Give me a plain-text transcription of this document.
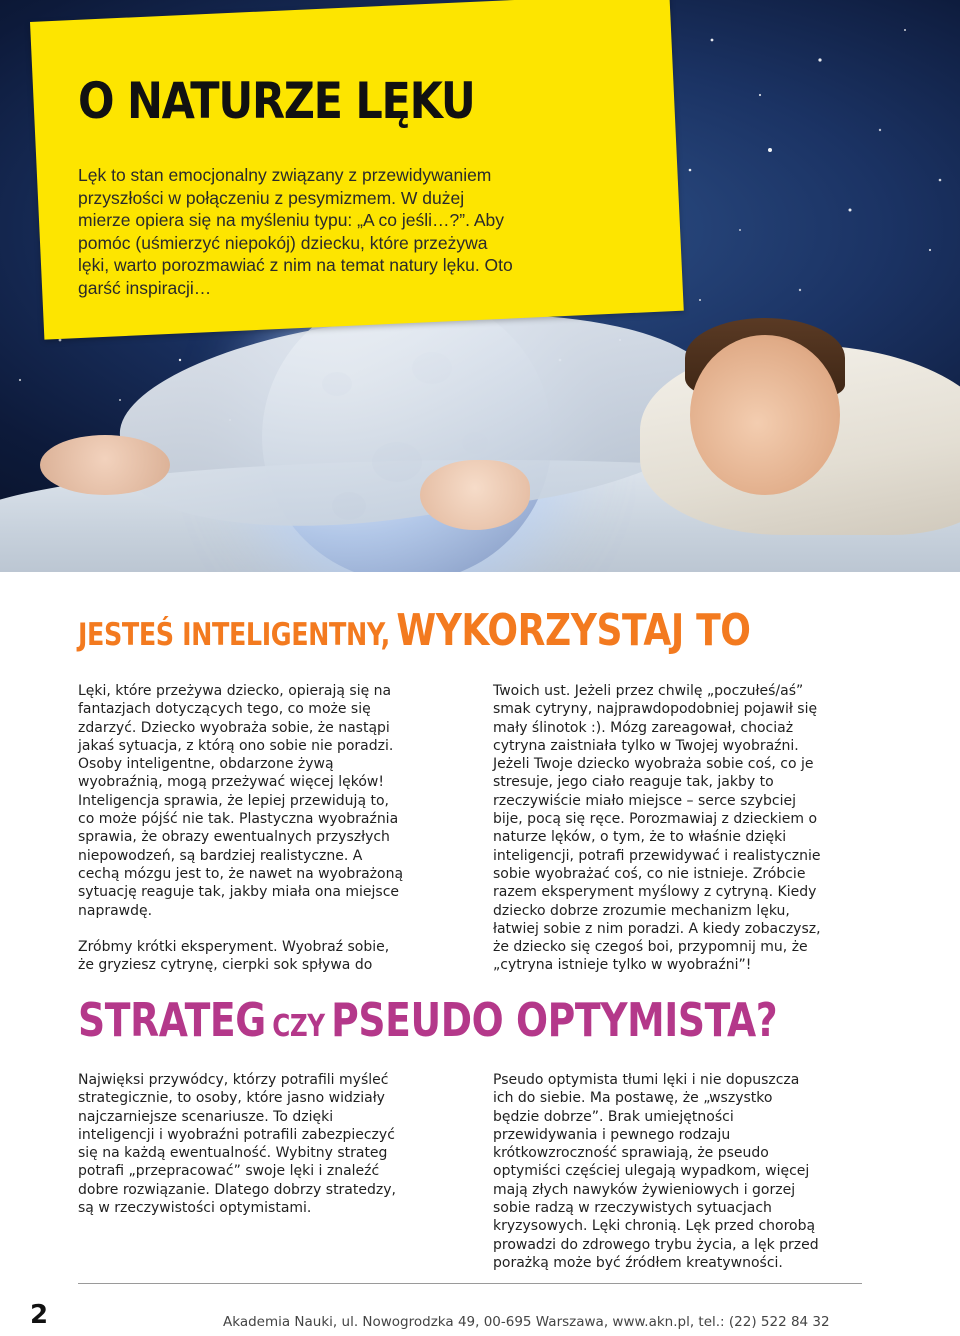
O NATURZE LĘKU

Lęk to stan emocjonalny związany z przewidywaniem przyszłości w połączeniu z pesymizmem. W dużej mierze opiera się na myśleniu typu: „A co jeśli…?”. Aby pomóc (uśmierzyć niepokój) dziecku, które przeżywa lęki, warto porozmawiać z nim na temat natury lęku. Oto garść inspiracji…

JESTEŚ INTELIGENTNY, WYKORZYSTAJ TO

Lęki, które przeżywa dziecko, opierają się na fantazjach dotyczących tego, co może się zdarzyć. Dziecko wyobraża sobie, że nastąpi jakaś sytuacja, z którą ono sobie nie poradzi. Osoby inteligentne, obdarzone żywą wyobraźnią, mogą przeżywać więcej lęków! Inteligencja sprawia, że lepiej przewidują to, co może pójść nie tak. Plastyczna wyobraźnia sprawia, że obrazy ewentualnych przyszłych niepowodzeń, są bardziej realistyczne. A cechą mózgu jest to, że nawet na wyobrażoną sytuację reaguje tak, jakby miała ona miejsce naprawdę.

Zróbmy krótki eksperyment. Wyobraź sobie, że gryziesz cytrynę, cierpki sok spływa do

Twoich ust. Jeżeli przez chwilę „poczułeś/aś” smak cytryny, najprawdopodobniej pojawił się mały ślinotok :). Mózg zareagował, chociaż cytryna zaistniała tylko w Twojej wyobraźni. Jeżeli Twoje dziecko wyobraża sobie coś, co je stresuje, jego ciało reaguje tak, jakby to rzeczywiście miało miejsce – serce szybciej bije, pocą się ręce. Porozmawiaj z dzieckiem o naturze lęków, o tym, że to właśnie dzięki inteligencji, potrafi przewidywać i realistycznie sobie wyobrażać coś, co nie istnieje. Zróbcie razem eksperyment myślowy z cytryną. Kiedy dziecko dobrze zrozumie mechanizm lęku, łatwiej sobie z nim poradzi. A kiedy zobaczysz, że dziecko się czegoś boi, przypomnij mu, że „cytryna istnieje tylko w wyobraźni”!

STRATEG CZY PSEUDO OPTYMISTA?

Najwięksi przywódcy, którzy potrafili myśleć strategicznie, to osoby, które jasno widziały najczarniejsze scenariusze. To dzięki inteligencji i wyobraźni potrafili zabezpieczyć się na każdą ewentualność. Wybitny strateg potrafi „przepracować” swoje lęki i znaleźć dobre rozwiązanie. Dlatego dobrzy stratedzy, są w rzeczywistości optymistami.

Pseudo optymista tłumi lęki i nie dopuszcza ich do siebie. Ma postawę, że „wszystko będzie dobrze”. Brak umiejętności przewidywania i pewnego rodzaju krótkowzroczność sprawiają, że pseudo optymiści częściej ulegają wypadkom, więcej mają złych nawyków żywieniowych i gorzej sobie radzą w rzeczywistych sytuacjach kryzysowych. Lęki chronią. Lęk przed chorobą prowadzi do zdrowego trybu życia, a lęk przed porażką może być źródłem kreatywności.

2	Akademia Nauki, ul. Nowogrodzka 49, 00-695 Warszawa, www.akn.pl, tel.: (22) 522 84 32
